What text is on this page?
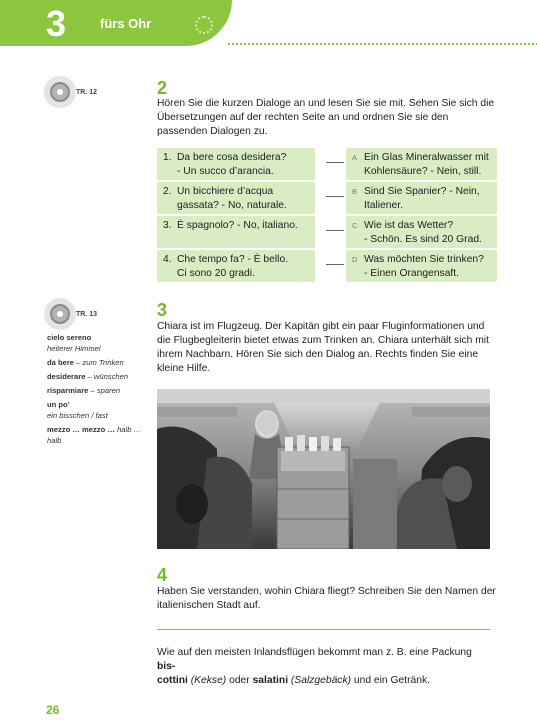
3	fürs Ohr
TR. 12	2
Hören Sie die kurzen Dialoge an und lesen Sie sie mit. Sehen Sie sich die Übersetzungen auf der rechten Seite an und ordnen Sie sie den passenden Dialogen zu.
1. Da bere cosa desidera?
- Un succo d’arancia.
2. Un bicchiere d’acqua
gassata? - No, naturale.
3. È spagnolo? - No, italiano.
4. Che tempo fa? - È bello.
Ci sono 20 gradi.
A Ein Glas Mineralwasser mit
Kohlensäure? - Nein, still.
B Sind Sie Spanier? - Nein,
Italiener.
C Wie ist das Wetter?
- Schön. Es sind 20 Grad.
D Was möchten Sie trinken?
- Einen Orangensaft.
TR. 13
cielo sereno
heiterer Himmel
da bere – zum Trinken
desiderare – wünschen
risparmiare – sparen
un po’
ein bisschen / fast
mezzo … mezzo … halb … halb
3
Chiara ist im Flugzeug. Der Kapitän gibt ein paar Fluginformationen und die Flugbegleiterin bietet etwas zum Trinken an. Chiara unterhält sich mit ihrem Nachbarn. Hören Sie sich den Dialog an. Rechts finden Sie eine kleine Hilfe.
4
Haben Sie verstanden, wohin Chiara fliegt? Schreiben Sie den Namen der italienischen Stadt auf.
Wie auf den meisten Inlandsflügen bekommt man z. B. eine Packung bis-
cottini (Kekse) oder salatini (Salzgebäck) und ein Getränk.
26
